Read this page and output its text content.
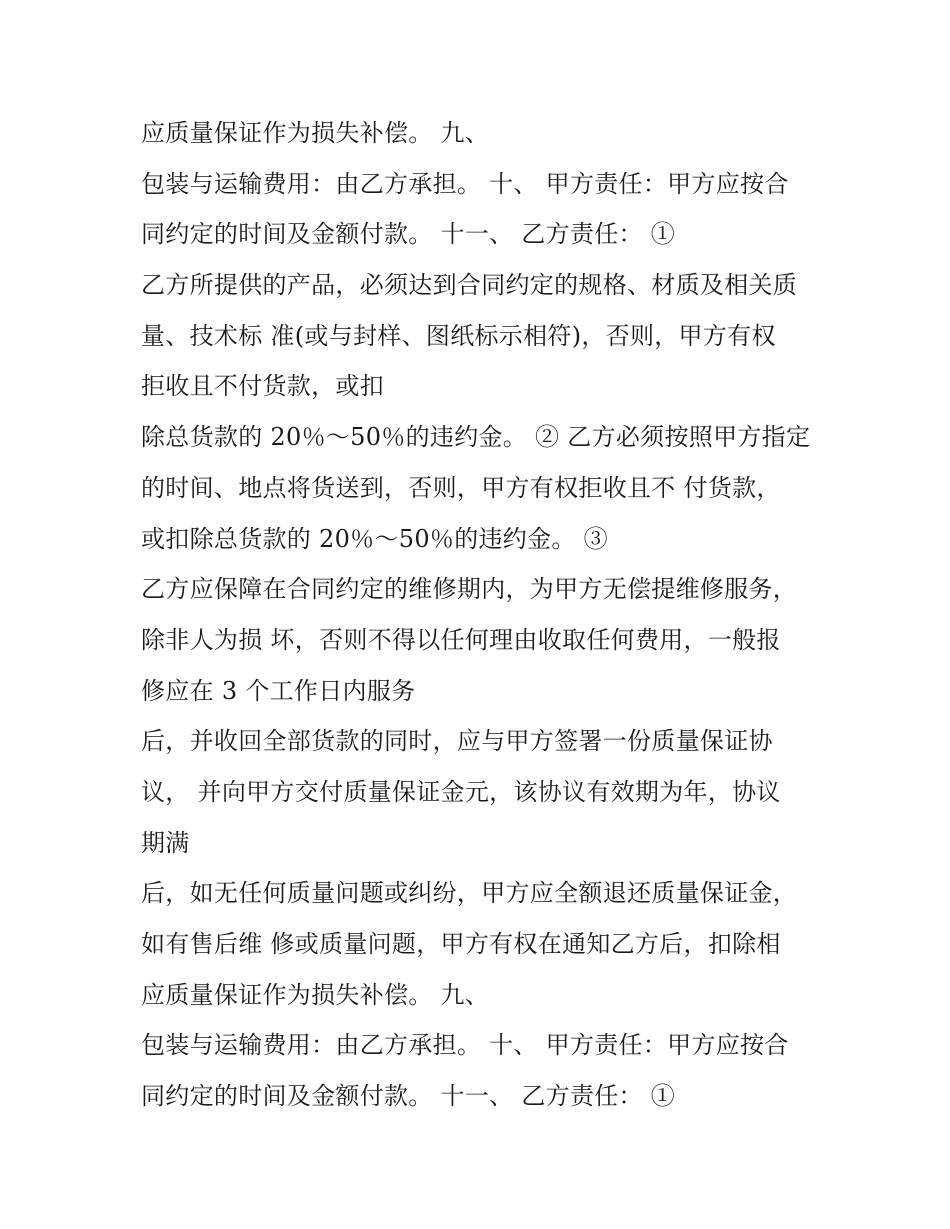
应质量保证作为损失补偿。 九、
包装与运输费用：由乙方承担。 十、 甲方责任：甲方应按合
同约定的时间及金额付款。 十一、 乙方责任： ①
乙方所提供的产品，必须达到合同约定的规格、材质及相关质
量、技术标 准(或与封样、图纸标示相符)，否则，甲方有权
拒收且不付货款，或扣
除总货款的 20％～50％的违约金。 ② 乙方必须按照甲方指定
的时间、地点将货送到，否则，甲方有权拒收且不 付货款，
或扣除总货款的 20％～50％的违约金。 ③
乙方应保障在合同约定的维修期内，为甲方无偿提维修服务，
除非人为损 坏，否则不得以任何理由收取任何费用，一般报
修应在 3 个工作日内服务
后，并收回全部货款的同时，应与甲方签署一份质量保证协
议， 并向甲方交付质量保证金元，该协议有效期为年，协议
期满
后，如无任何质量问题或纠纷，甲方应全额退还质量保证金，
如有售后维 修或质量问题，甲方有权在通知乙方后，扣除相
应质量保证作为损失补偿。 九、
包装与运输费用：由乙方承担。 十、 甲方责任：甲方应按合
同约定的时间及金额付款。 十一、 乙方责任： ①
